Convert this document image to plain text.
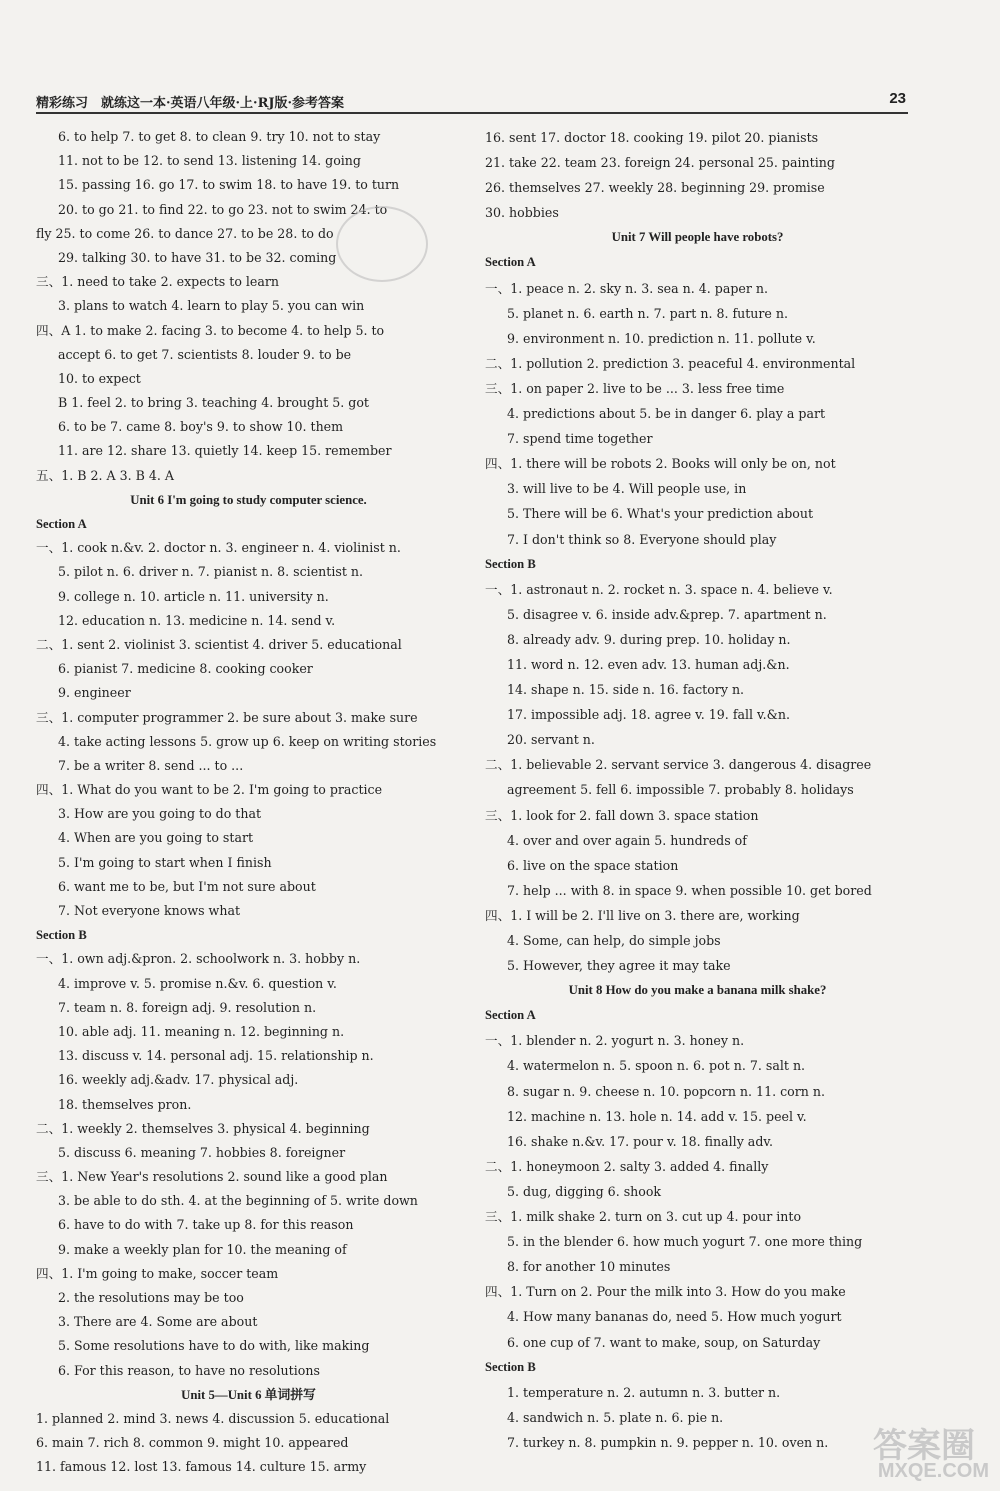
精彩练习　就练这一本·英语八年级·上·RJ版·参考答案	23
6. to help 7. to get 8. to clean 9. try 10. not to stay
11. not to be 12. to send 13. listening 14. going
15. passing 16. go 17. to swim 18. to have 19. to turn
20. to go 21. to find 22. to go 23. not to swim 24. to
fly 25. to come 26. to dance 27. to be 28. to do
29. talking 30. to have 31. to be 32. coming
三、1. need to take 2. expects to learn
3. plans to watch 4. learn to play 5. you can win
四、A 1. to make 2. facing 3. to become 4. to help 5. to
accept 6. to get 7. scientists 8. louder 9. to be
10. to expect
B 1. feel 2. to bring 3. teaching 4. brought 5. got
6. to be 7. came 8. boy's 9. to show 10. them
11. are 12. share 13. quietly 14. keep 15. remember
五、1. B 2. A 3. B 4. A
Unit 6 I'm going to study computer science.
Section A
一、1. cook n.&v. 2. doctor n. 3. engineer n. 4. violinist n.
5. pilot n. 6. driver n. 7. pianist n. 8. scientist n.
9. college n. 10. article n. 11. university n.
12. education n. 13. medicine n. 14. send v.
二、1. sent 2. violinist 3. scientist 4. driver 5. educational
6. pianist 7. medicine 8. cooking cooker
9. engineer
三、1. computer programmer 2. be sure about 3. make sure
4. take acting lessons 5. grow up 6. keep on writing stories
7. be a writer 8. send ... to ...
四、1. What do you want to be 2. I'm going to practice
3. How are you going to do that
4. When are you going to start
5. I'm going to start when I finish
6. want me to be, but I'm not sure about
7. Not everyone knows what
Section B
一、1. own adj.&pron. 2. schoolwork n. 3. hobby n.
4. improve v. 5. promise n.&v. 6. question v.
7. team n. 8. foreign adj. 9. resolution n.
10. able adj. 11. meaning n. 12. beginning n.
13. discuss v. 14. personal adj. 15. relationship n.
16. weekly adj.&adv. 17. physical adj.
18. themselves pron.
二、1. weekly 2. themselves 3. physical 4. beginning
5. discuss 6. meaning 7. hobbies 8. foreigner
三、1. New Year's resolutions 2. sound like a good plan
3. be able to do sth. 4. at the beginning of 5. write down
6. have to do with 7. take up 8. for this reason
9. make a weekly plan for 10. the meaning of
四、1. I'm going to make, soccer team
2. the resolutions may be too
3. There are 4. Some are about
5. Some resolutions have to do with, like making
6. For this reason, to have no resolutions
Unit 5—Unit 6 单词拼写
1. planned 2. mind 3. news 4. discussion 5. educational
6. main 7. rich 8. common 9. might 10. appeared
11. famous 12. lost 13. famous 14. culture 15. army
16. sent 17. doctor 18. cooking 19. pilot 20. pianists
21. take 22. team 23. foreign 24. personal 25. painting
26. themselves 27. weekly 28. beginning 29. promise
30. hobbies
Unit 7 Will people have robots?
Section A
一、1. peace n. 2. sky n. 3. sea n. 4. paper n.
5. planet n. 6. earth n. 7. part n. 8. future n.
9. environment n. 10. prediction n. 11. pollute v.
二、1. pollution 2. prediction 3. peaceful 4. environmental
三、1. on paper 2. live to be ... 3. less free time
4. predictions about 5. be in danger 6. play a part
7. spend time together
四、1. there will be robots 2. Books will only be on, not
3. will live to be 4. Will people use, in
5. There will be 6. What's your prediction about
7. I don't think so 8. Everyone should play
Section B
一、1. astronaut n. 2. rocket n. 3. space n. 4. believe v.
5. disagree v. 6. inside adv.&prep. 7. apartment n.
8. already adv. 9. during prep. 10. holiday n.
11. word n. 12. even adv. 13. human adj.&n.
14. shape n. 15. side n. 16. factory n.
17. impossible adj. 18. agree v. 19. fall v.&n.
20. servant n.
二、1. believable 2. servant service 3. dangerous 4. disagree
agreement 5. fell 6. impossible 7. probably 8. holidays
三、1. look for 2. fall down 3. space station
4. over and over again 5. hundreds of
6. live on the space station
7. help ... with 8. in space 9. when possible 10. get bored
四、1. I will be 2. I'll live on 3. there are, working
4. Some, can help, do simple jobs
5. However, they agree it may take
Unit 8 How do you make a banana milk shake?
Section A
一、1. blender n. 2. yogurt n. 3. honey n.
4. watermelon n. 5. spoon n. 6. pot n. 7. salt n.
8. sugar n. 9. cheese n. 10. popcorn n. 11. corn n.
12. machine n. 13. hole n. 14. add v. 15. peel v.
16. shake n.&v. 17. pour v. 18. finally adv.
二、1. honeymoon 2. salty 3. added 4. finally
5. dug, digging 6. shook
三、1. milk shake 2. turn on 3. cut up 4. pour into
5. in the blender 6. how much yogurt 7. one more thing
8. for another 10 minutes
四、1. Turn on 2. Pour the milk into 3. How do you make
4. How many bananas do, need 5. How much yogurt
6. one cup of 7. want to make, soup, on Saturday
Section B
1. temperature n. 2. autumn n. 3. butter n.
4. sandwich n. 5. plate n. 6. pie n.
7. turkey n. 8. pumpkin n. 9. pepper n. 10. oven n.	答案圈
MXQE.COM
